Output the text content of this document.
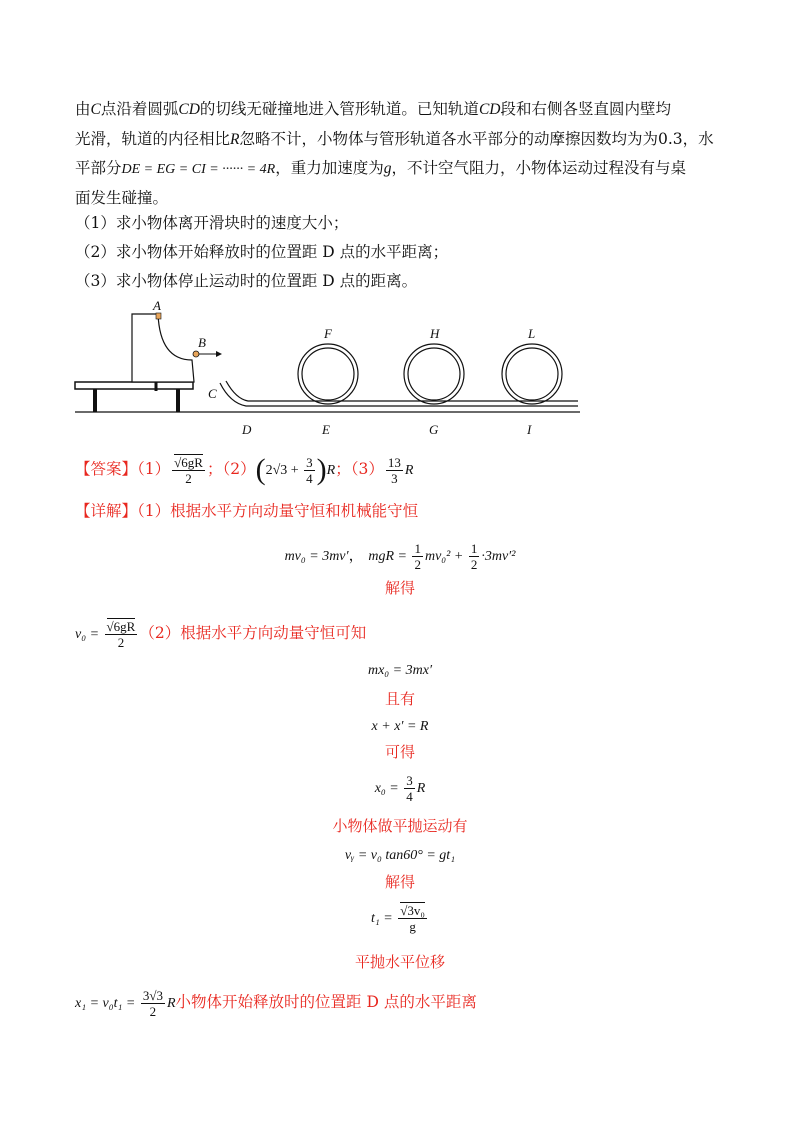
由C点沿着圆弧CD的切线无碰撞地进入管形轨道。已知轨道CD段和右侧各竖直圆内壁均
光滑，轨道的内径相比R忽略不计，小物体与管形轨道各水平部分的动摩擦因数均为为0.3，水
平部分DE = EG = CI = ······ = 4R，重力加速度为g，不计空气阻力，小物体运动过程没有与桌
面发生碰撞。
（1）求小物体离开滑块时的速度大小；
（2）求小物体开始释放时的位置距 D 点的水平距离；
（3）求小物体停止运动时的位置距 D 点的距离。
A
B
C
D	E
F
G
H
I
L
【答案】$(1) \frac{√6gR}{2}$ ；$(2)(2√3 + \frac{3}{4} )R$；$(3) \frac{13}{3}$ R
【详解】（1）根据水平方向动量守恒和机械能守恒
mv₀ = 3mv′， mgR = $\frac{1}{2} mv_0^2 + \frac{1}{2} \cdot 3mv'^2$
解得
$v_0 = \frac{√6gR}{2} (2)$根据水平方向动量守恒可知
mx₀ = 3mx′
且有
x + x′ = R
可得
$x_0 = \frac{3}{4}$ R
小物体做平抛运动有
vᵧ = v₀ tan60° = gt₁
解得
$t_1 = \frac{\text{√3v₀}}{g}$
平抛水平位移
$x_1 = v_0t_1 = \frac{3√3}{2}$ R小物体开始释放时的位置距 D 点的水平距离
